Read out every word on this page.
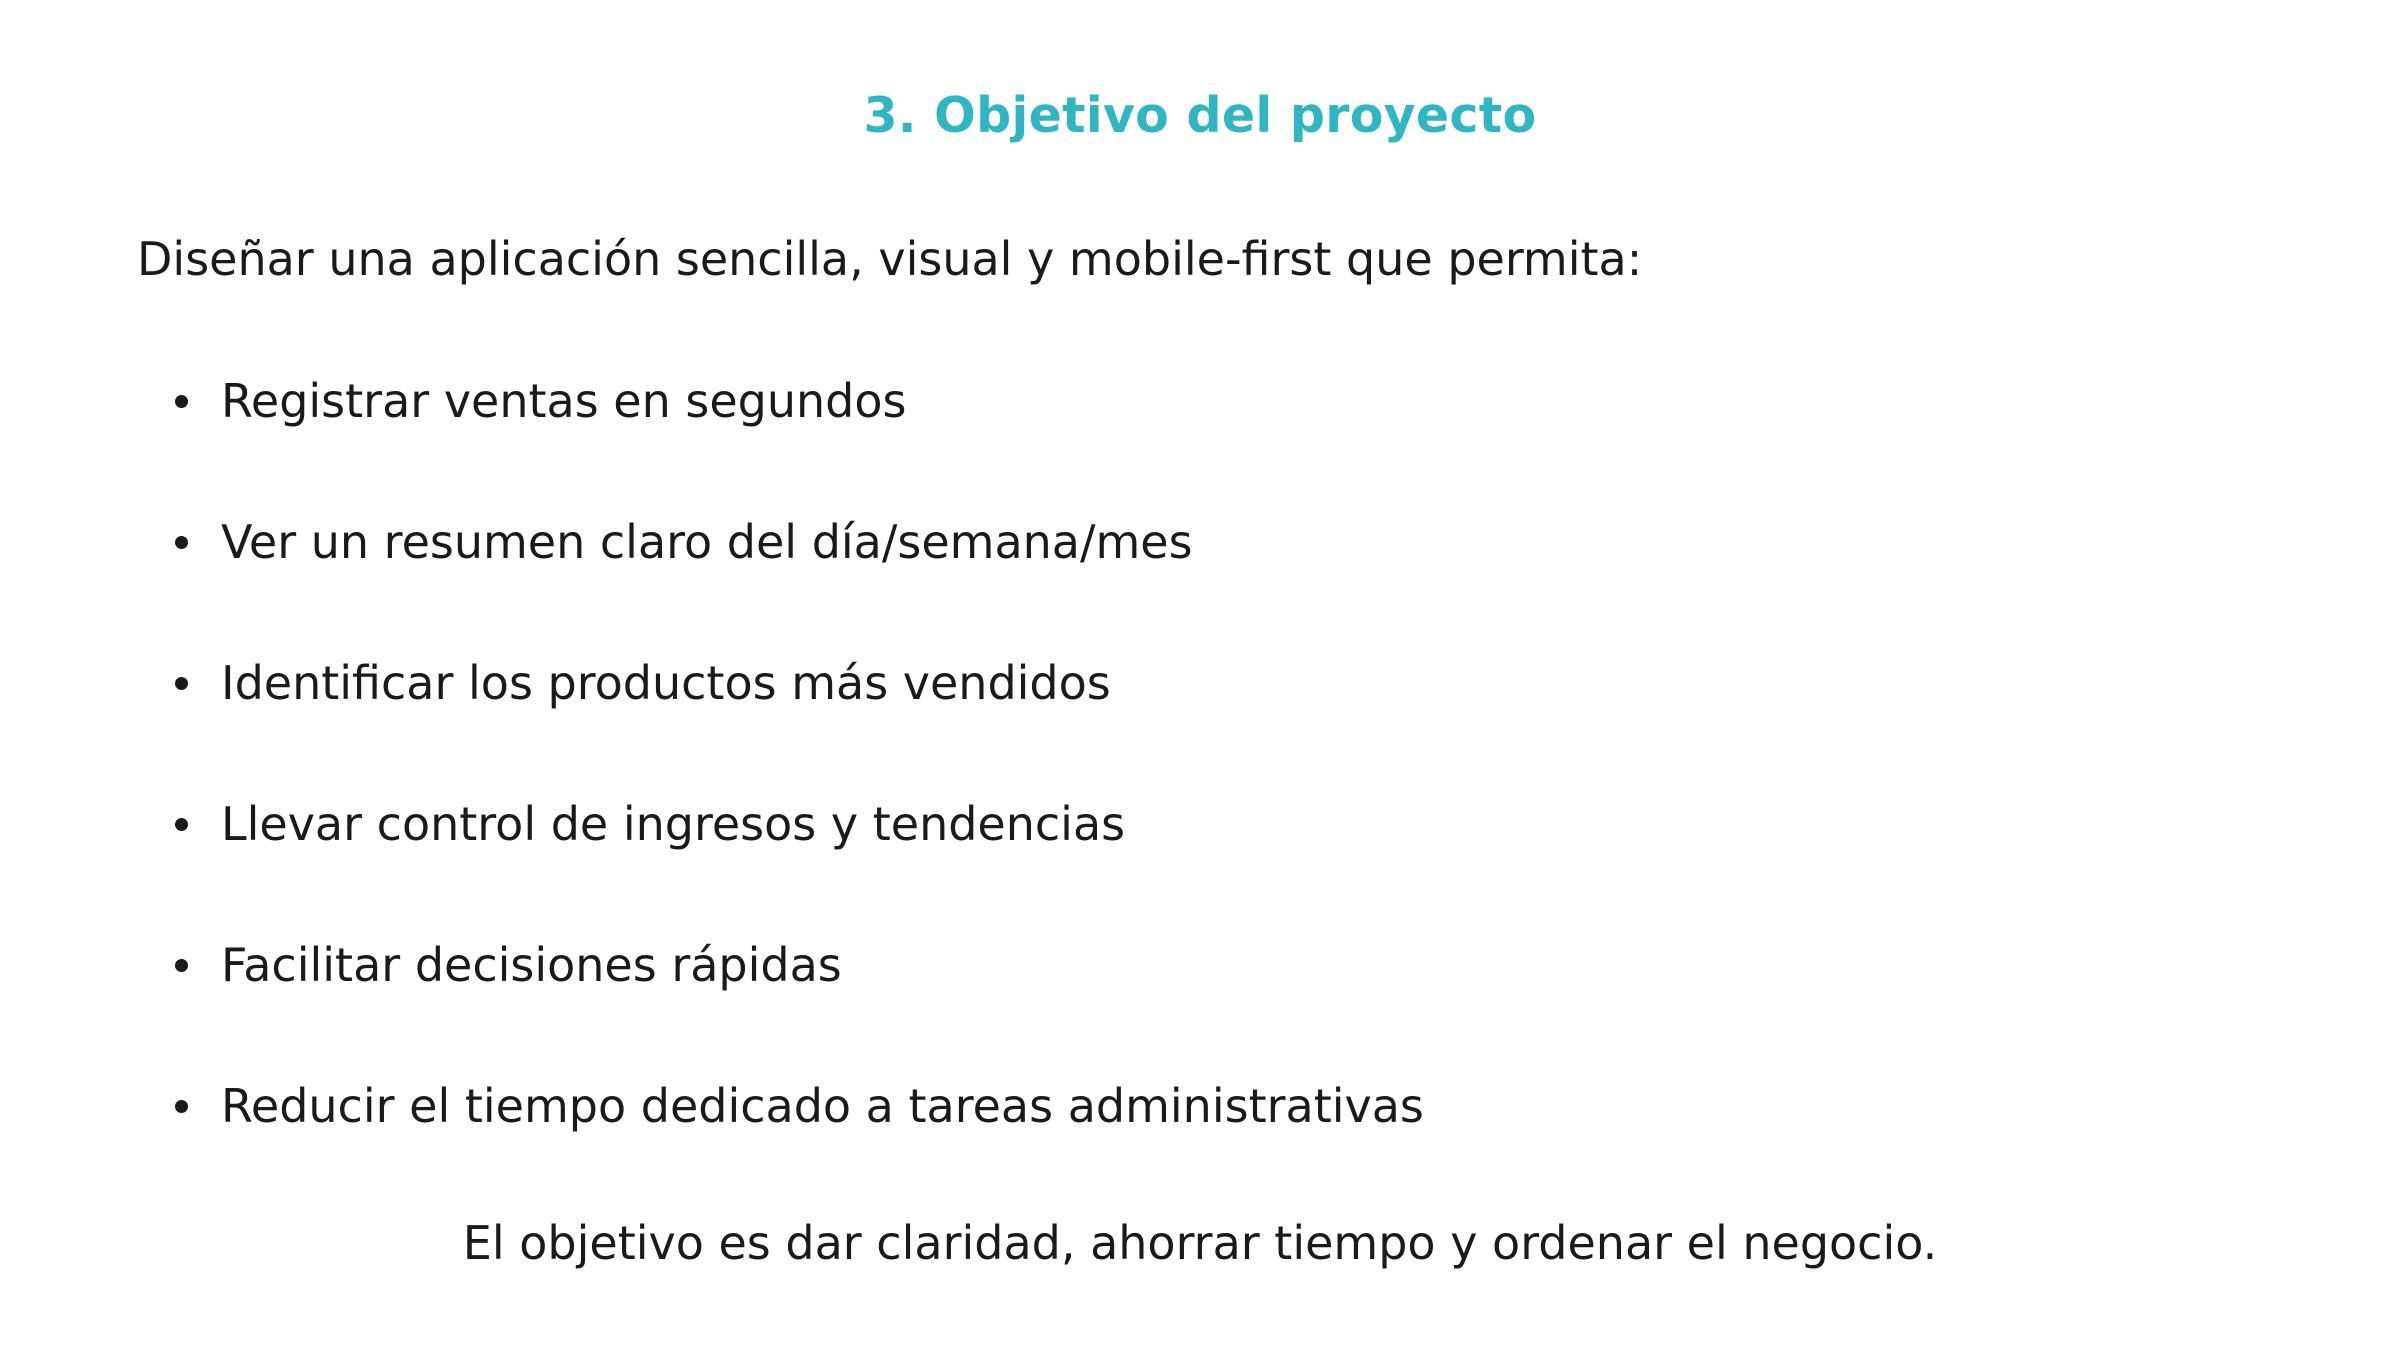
3. Objetivo del proyecto

Diseñar una aplicación sencilla, visual y mobile-first que permita:

Registrar ventas en segundos
Ver un resumen claro del día/semana/mes
Identificar los productos más vendidos
Llevar control de ingresos y tendencias
Facilitar decisiones rápidas
Reducir el tiempo dedicado a tareas administrativas

El objetivo es dar claridad, ahorrar tiempo y ordenar el negocio.
